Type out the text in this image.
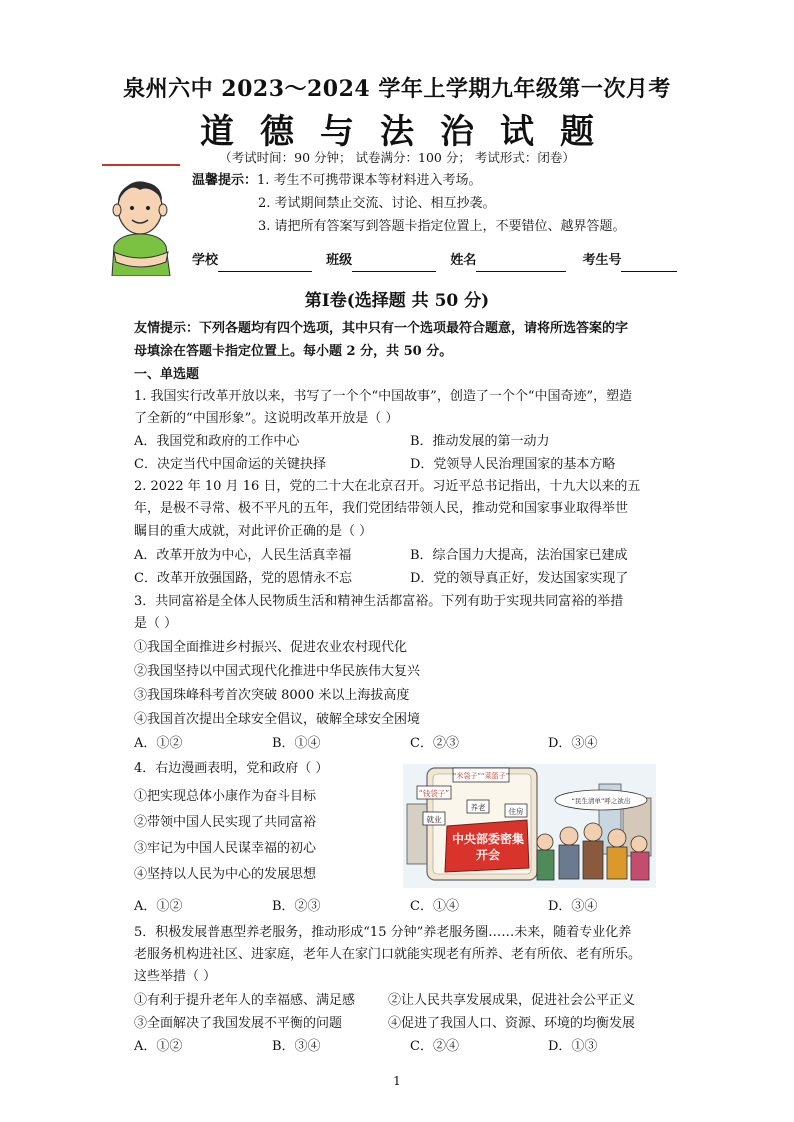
泉州六中 2023～2024 学年上学期九年级第一次月考
道德与法治试题
（考试时间：90 分钟； 试卷满分：100 分； 考试形式：闭卷）
温馨提示：1. 考生不可携带课本等材料进入考场。
2. 考试期间禁止交流、讨论、相互抄袭。
3. 请把所有答案写到答题卡指定位置上，不要错位、越界答题。
学校	班级	姓名	考生号
第Ⅰ卷(选择题 共 50 分)
友情提示：下列各题均有四个选项，其中只有一个选项最符合题意，请将所选答案的字
母填涂在答题卡指定位置上。每小题 2 分，共 50 分。
一、单选题
1. 我国实行改革开放以来，书写了一个个“中国故事”，创造了一个个“中国奇迹”，塑造
了全新的“中国形象”。这说明改革开放是（ ）
A．我国党和政府的工作中心	B．推动发展的第一动力
C．决定当代中国命运的关键抉择	D．党领导人民治理国家的基本方略
2. 2022 年 10 月 16 日，党的二十大在北京召开。习近平总书记指出，十九大以来的五
年，是极不寻常、极不平凡的五年，我们党团结带领人民，推动党和国家事业取得举世
瞩目的重大成就，对此评价正确的是（ ）
A．改革开放为中心，人民生活真幸福	B．综合国力大提高，法治国家已建成
C．改革开放强国路，党的恩情永不忘	D．党的领导真正好，发达国家实现了
3．共同富裕是全体人民物质生活和精神生活都富裕。下列有助于实现共同富裕的举措
是（ ）
①我国全面推进乡村振兴、促进农业农村现代化
②我国坚持以中国式现代化推进中华民族伟大复兴
③我国珠峰科考首次突破 8000 米以上海拔高度
④我国首次提出全球安全倡议，破解全球安全困境
A．①②	B．①④	C．②③	D．③④
4．右边漫画表明，党和政府（ ）
①把实现总体小康作为奋斗目标
②带领中国人民实现了共同富裕
③牢记为中国人民谋幸福的初心
④坚持以人民为中心的发展思想
A．①②	B．②③	C．①④	D．③④
“米袋子”“菜篮子”
“钱袋子”
养老	住房
就业
“民生清单”呼之欲出
中央部委密集开会
5．积极发展普惠型养老服务，推动形成“15 分钟”养老服务圈……未来，随着专业化养
老服务机构进社区、进家庭，老年人在家门口就能实现老有所养、老有所依、老有所乐。
这些举措（ ）
①有利于提升老年人的幸福感、满足感	②让人民共享发展成果，促进社会公平正义
③全面解决了我国发展不平衡的问题	④促进了我国人口、资源、环境的均衡发展
A．①②	B．③④	C．②④	D．①③
1
